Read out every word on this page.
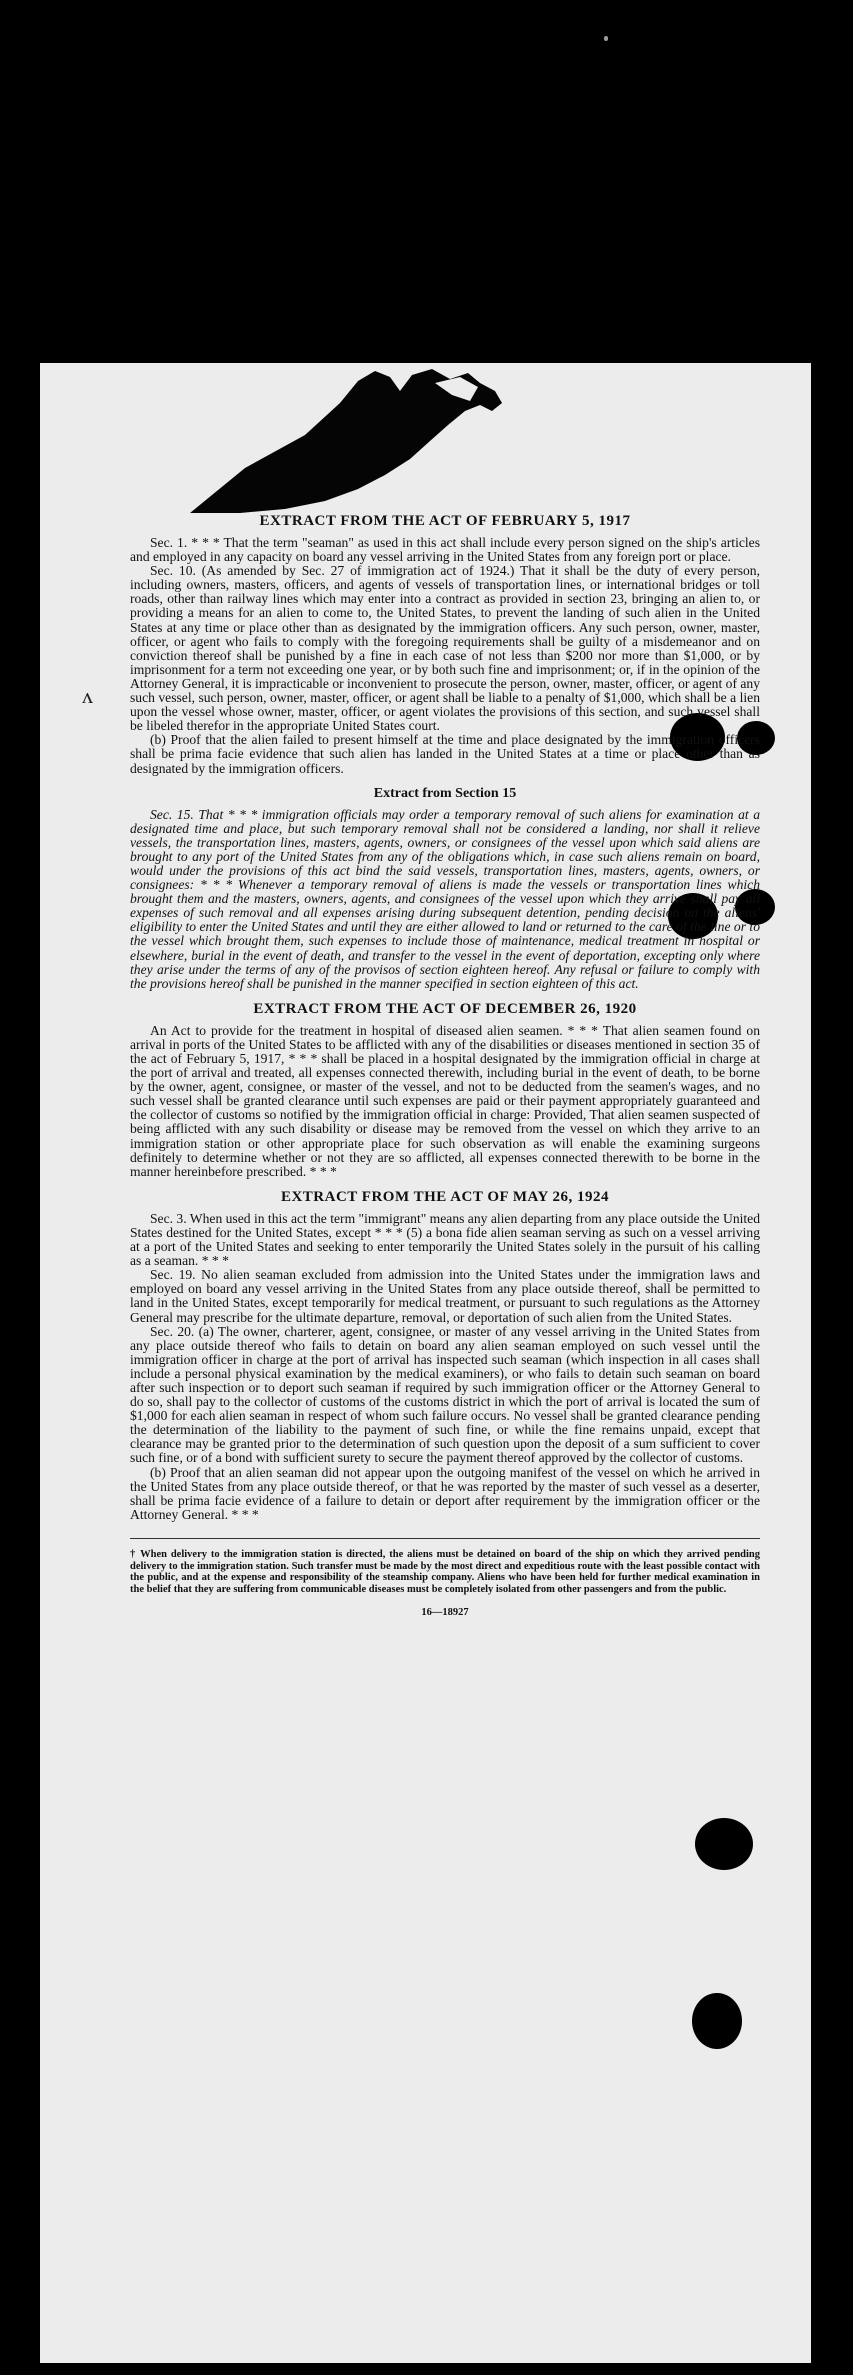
EXTRACT FROM THE ACT OF FEBRUARY 5, 1917

Sec. 1. * * * That the term "seaman" as used in this act shall include every person signed on the ship's articles and employed in any capacity on board any vessel arriving in the United States from any foreign port or place.

Sec. 10. (As amended by Sec. 27 of immigration act of 1924.) That it shall be the duty of every person, including owners, masters, officers, and agents of vessels of transportation lines, or international bridges or toll roads, other than railway lines which may enter into a contract as provided in section 23, bringing an alien to, or providing a means for an alien to come to, the United States, to prevent the landing of such alien in the United States at any time or place other than as designated by the immigration officers. Any such person, owner, master, officer, or agent who fails to comply with the foregoing requirements shall be guilty of a misdemeanor and on conviction thereof shall be punished by a fine in each case of not less than $200 nor more than $1,000, or by imprisonment for a term not exceeding one year, or by both such fine and imprisonment; or, if in the opinion of the Attorney General, it is impracticable or inconvenient to prosecute the person, owner, master, officer, or agent of any such vessel, such person, owner, master, officer, or agent shall be liable to a penalty of $1,000, which shall be a lien upon the vessel whose owner, master, officer, or agent violates the provisions of this section, and such vessel shall be libeled therefor in the appropriate United States court.

(b) Proof that the alien failed to present himself at the time and place designated by the immigration officers shall be prima facie evidence that such alien has landed in the United States at a time or place other than as designated by the immigration officers.

Extract from Section 15

Sec. 15. That * * * immigration officials may order a temporary removal of such aliens for examination at a designated time and place, but such temporary removal shall not be considered a landing, nor shall it relieve vessels, the transportation lines, masters, agents, owners, or consignees of the vessel upon which said aliens are brought to any port of the United States from any of the obligations which, in case such aliens remain on board, would under the provisions of this act bind the said vessels, transportation lines, masters, agents, owners, or consignees: * * * Whenever a temporary removal of aliens is made the vessels or transportation lines which brought them and the masters, owners, agents, and consignees of the vessel upon which they arrive shall pay all expenses of such removal and all expenses arising during subsequent detention, pending decision on the aliens' eligibility to enter the United States and until they are either allowed to land or returned to the care of the line or to the vessel which brought them, such expenses to include those of maintenance, medical treatment in hospital or elsewhere, burial in the event of death, and transfer to the vessel in the event of deportation, excepting only where they arise under the terms of any of the provisos of section eighteen hereof. Any refusal or failure to comply with the provisions hereof shall be punished in the manner specified in section eighteen of this act.

EXTRACT FROM THE ACT OF DECEMBER 26, 1920

An Act to provide for the treatment in hospital of diseased alien seamen. * * * That alien seamen found on arrival in ports of the United States to be afflicted with any of the disabilities or diseases mentioned in section 35 of the act of February 5, 1917, * * * shall be placed in a hospital designated by the immigration official in charge at the port of arrival and treated, all expenses connected therewith, including burial in the event of death, to be borne by the owner, agent, consignee, or master of the vessel, and not to be deducted from the seamen's wages, and no such vessel shall be granted clearance until such expenses are paid or their payment appropriately guaranteed and the collector of customs so notified by the immigration official in charge: Provided, That alien seamen suspected of being afflicted with any such disability or disease may be removed from the vessel on which they arrive to an immigration station or other appropriate place for such observation as will enable the examining surgeons definitely to determine whether or not they are so afflicted, all expenses connected therewith to be borne in the manner hereinbefore prescribed. * * *

EXTRACT FROM THE ACT OF MAY 26, 1924

Sec. 3. When used in this act the term "immigrant" means any alien departing from any place outside the United States destined for the United States, except * * * (5) a bona fide alien seaman serving as such on a vessel arriving at a port of the United States and seeking to enter temporarily the United States solely in the pursuit of his calling as a seaman. * * *

Sec. 19. No alien seaman excluded from admission into the United States under the immigration laws and employed on board any vessel arriving in the United States from any place outside thereof, shall be permitted to land in the United States, except temporarily for medical treatment, or pursuant to such regulations as the Attorney General may prescribe for the ultimate departure, removal, or deportation of such alien from the United States.

Sec. 20. (a) The owner, charterer, agent, consignee, or master of any vessel arriving in the United States from any place outside thereof who fails to detain on board any alien seaman employed on such vessel until the immigration officer in charge at the port of arrival has inspected such seaman (which inspection in all cases shall include a personal physical examination by the medical examiners), or who fails to detain such seaman on board after such inspection or to deport such seaman if required by such immigration officer or the Attorney General to do so, shall pay to the collector of customs of the customs district in which the port of arrival is located the sum of $1,000 for each alien seaman in respect of whom such failure occurs. No vessel shall be granted clearance pending the determination of the liability to the payment of such fine, or while the fine remains unpaid, except that clearance may be granted prior to the determination of such question upon the deposit of a sum sufficient to cover such fine, or of a bond with sufficient surety to secure the payment thereof approved by the collector of customs.

(b) Proof that an alien seaman did not appear upon the outgoing manifest of the vessel on which he arrived in the United States from any place outside thereof, or that he was reported by the master of such vessel as a deserter, shall be prima facie evidence of a failure to detain or deport after requirement by the immigration officer or the Attorney General. * * *

† When delivery to the immigration station is directed, the aliens must be detained on board of the ship on which they arrived pending delivery to the immigration station. Such transfer must be made by the most direct and expeditious route with the least possible contact with the public, and at the expense and responsibility of the steamship company. Aliens who have been held for further medical examination in the belief that they are suffering from communicable diseases must be completely isolated from other passengers and from the public.

16—18927
ᴧ
